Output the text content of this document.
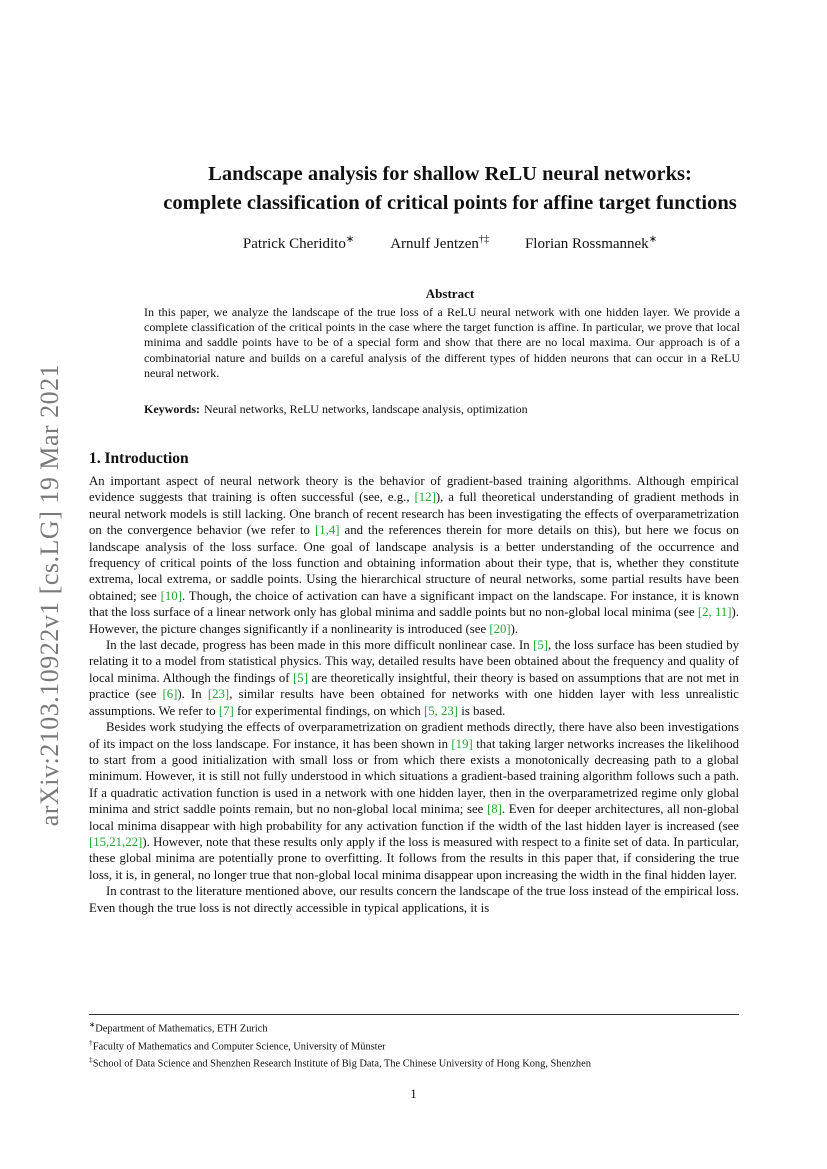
arXiv:2103.10922v1 [cs.LG] 19 Mar 2021
Landscape analysis for shallow ReLU neural networks:
complete classification of critical points for affine target functions
Patrick Cheridito∗ Arnulf Jentzen†‡ Florian Rossmannek∗
Abstract
In this paper, we analyze the landscape of the true loss of a ReLU neural network with one hidden layer. We provide a complete classification of the critical points in the case where the target function is affine. In particular, we prove that local minima and saddle points have to be of a special form and show that there are no local maxima. Our approach is of a combinatorial nature and builds on a careful analysis of the different types of hidden neurons that can occur in a ReLU neural network.
Keywords: Neural networks, ReLU networks, landscape analysis, optimization
1. Introduction

An important aspect of neural network theory is the behavior of gradient-based training algorithms. Although empirical evidence suggests that training is often successful (see, e.g., [12]), a full theoretical understanding of gradient methods in neural network models is still lacking. One branch of recent research has been investigating the effects of overparametrization on the convergence behavior (we refer to [1,4] and the references therein for more details on this), but here we focus on landscape analysis of the loss surface. One goal of landscape analysis is a better understanding of the occurrence and frequency of critical points of the loss function and obtaining information about their type, that is, whether they constitute extrema, local extrema, or saddle points. Using the hierarchical structure of neural networks, some partial results have been obtained; see [10]. Though, the choice of activation can have a significant impact on the landscape. For instance, it is known that the loss surface of a linear network only has global minima and saddle points but no non-global local minima (see [2, 11]). However, the picture changes significantly if a nonlinearity is introduced (see [20]).

In the last decade, progress has been made in this more difficult nonlinear case. In [5], the loss surface has been studied by relating it to a model from statistical physics. This way, detailed results have been obtained about the frequency and quality of local minima. Although the findings of [5] are theoretically insightful, their theory is based on assumptions that are not met in practice (see [6]). In [23], similar results have been obtained for networks with one hidden layer with less unrealistic assumptions. We refer to [7] for experimental findings, on which [5, 23] is based.

Besides work studying the effects of overparametrization on gradient methods directly, there have also been investigations of its impact on the loss landscape. For instance, it has been shown in [19] that taking larger networks increases the likelihood to start from a good initialization with small loss or from which there exists a monotonically decreasing path to a global minimum. However, it is still not fully understood in which situations a gradient-based training algorithm follows such a path. If a quadratic activation function is used in a network with one hidden layer, then in the overparametrized regime only global minima and strict saddle points remain, but no non-global local minima; see [8]. Even for deeper architectures, all non-global local minima disappear with high probability for any activation function if the width of the last hidden layer is increased (see [15,21,22]). However, note that these results only apply if the loss is measured with respect to a finite set of data. In particular, these global minima are potentially prone to overfitting. It follows from the results in this paper that, if considering the true loss, it is, in general, no longer true that non-global local minima disappear upon increasing the width in the final hidden layer.

In contrast to the literature mentioned above, our results concern the landscape of the true loss instead of the empirical loss. Even though the true loss is not directly accessible in typical applications, it is

∗Department of Mathematics, ETH Zurich
†Faculty of Mathematics and Computer Science, University of Münster
‡School of Data Science and Shenzhen Research Institute of Big Data, The Chinese University of Hong Kong, Shenzhen
1
